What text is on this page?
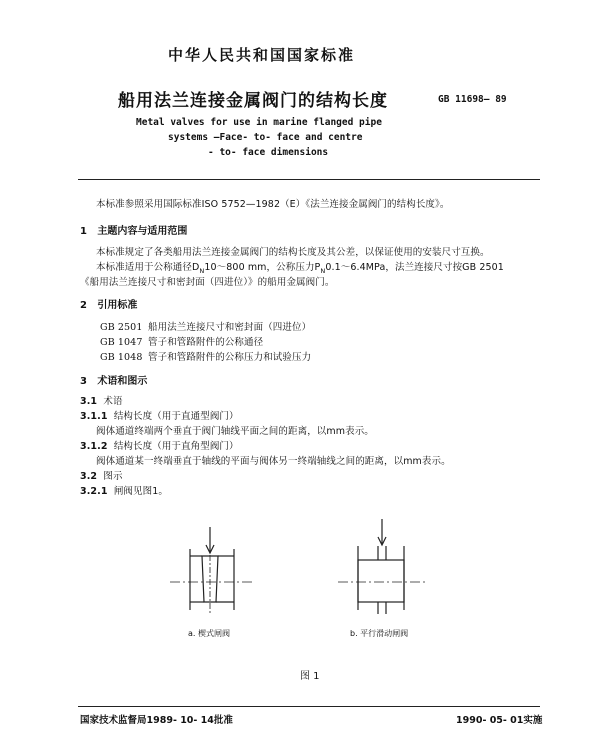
中华人民共和国国家标准
船用法兰连接金属阀门的结构长度	GB 11698— 89
Metal valves for use in marine flanged pipe
systems —Face- to- face and centre
- to- face dimensions
本标准参照采用国际标准ISO 5752—1982（E）《法兰连接金属阀门的结构长度》。
1 主题内容与适用范围
本标准规定了各类船用法兰连接金属阀门的结构长度及其公差，以保证使用的安装尺寸互换。
本标准适用于公称通径$D_N10\sim 800$ mm，公称压力$P_N0.1\sim 6.4MPa$，法兰连接尺寸按GB 2501
《船用法兰连接尺寸和密封面（四进位）》的船用金属阀门。
2 引用标准
GB 2501 船用法兰连接尺寸和密封面（四进位）
GB 1047 管子和管路附件的公称通径
GB 1048 管子和管路附件的公称压力和试验压力
3 术语和图示
3.1 术语
3.1.1 结构长度（用于直通型阀门）
阀体通道终端两个垂直于阀门轴线平面之间的距离，以mm表示。
3.1.2 结构长度（用于直角型阀门）
阀体通道某一终端垂直于轴线的平面与阀体另一终端轴线之间的距离，以mm表示。
3.2 图示
3.2.1 闸阀见图1。
a. 楔式闸阀	b. 平行滑动闸阀
图 1
国家技术监督局1989- 10- 14批准	1990- 05- 01实施
